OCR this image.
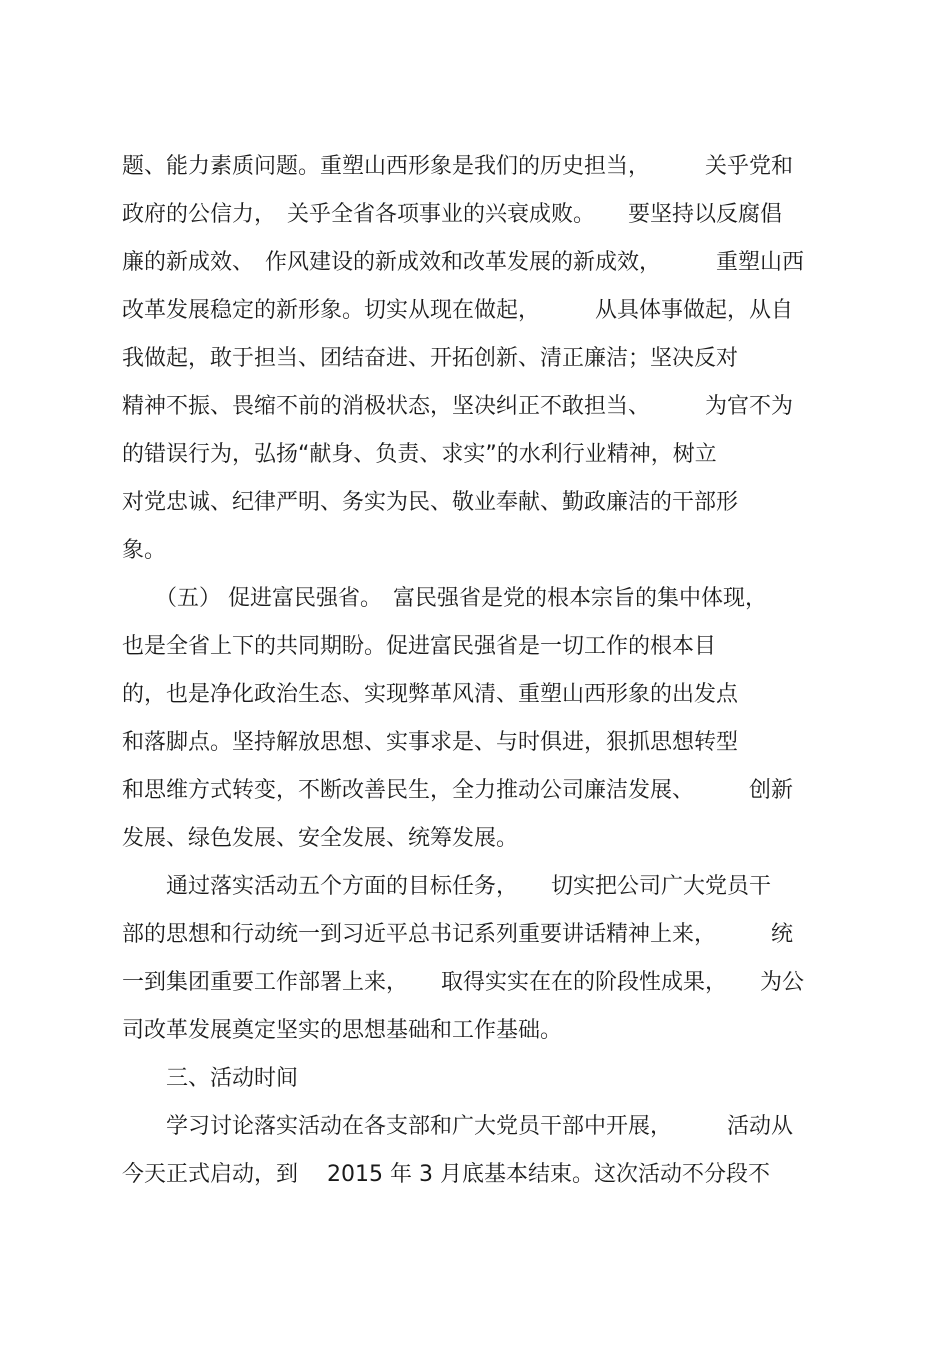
题、能力素质问题。重塑山西形象是我们的历史担当，　　　关乎党和
政府的公信力，　关乎全省各项事业的兴衰成败。　　要坚持以反腐倡
廉的新成效、　作风建设的新成效和改革发展的新成效，　　　重塑山西
改革发展稳定的新形象。切实从现在做起，　　　从具体事做起，从自
我做起，敢于担当、团结奋进、开拓创新、清正廉洁；坚决反对
精神不振、畏缩不前的消极状态，坚决纠正不敢担当、　　　为官不为
的错误行为，弘扬“献身、负责、求实”的水利行业精神，树立
对党忠诚、纪律严明、务实为民、敬业奉献、勤政廉洁的干部形
象。
　　（五） 促进富民强省。　富民强省是党的根本宗旨的集中体现，
也是全省上下的共同期盼。促进富民强省是一切工作的根本目
的，也是净化政治生态、实现弊革风清、重塑山西形象的出发点
和落脚点。坚持解放思想、实事求是、与时俱进，狠抓思想转型
和思维方式转变，不断改善民生，全力推动公司廉洁发展、　　　创新
发展、绿色发展、安全发展、统筹发展。
　　通过落实活动五个方面的目标任务，　　切实把公司广大党员干
部的思想和行动统一到习近平总书记系列重要讲话精神上来，　　　统
一到集团重要工作部署上来，　　取得实实在在的阶段性成果，　　为公
司改革发展奠定坚实的思想基础和工作基础。
　　三、活动时间
　　学习讨论落实活动在各支部和广大党员干部中开展，　　　活动从
今天正式启动，到　 2015 年 3 月底基本结束。这次活动不分段不
